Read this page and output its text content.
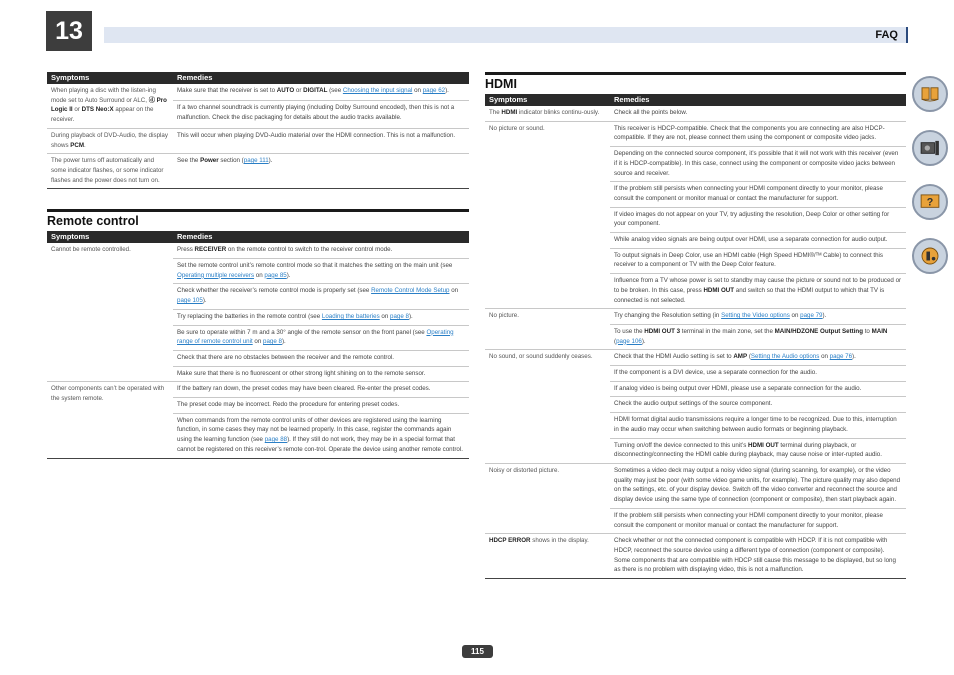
13	FAQ
Symptoms	Remedies
When playing a disc with the listen-ing mode set to Auto Surround or ALC, ⓓ Pro Logic II or DTS Neo:X appear on the receiver.	Make sure that the receiver is set to AUTO or DIGITAL (see Choosing the input signal on page 62).
	If a two channel soundtrack is currently playing (including Dolby Surround encoded), then this is not a malfunction. Check the disc packaging for details about the audio tracks available.
During playback of DVD-Audio, the display shows PCM.	This will occur when playing DVD-Audio material over the HDMI connection. This is not a malfunction.
The power turns off automatically and some indicator flashes, or some indicator flashes and the power does not turn on.	See the Power section (page 111).
Remote control
Symptoms	Remedies
Cannot be remote controlled.	Press RECEIVER on the remote control to switch to the receiver control mode.
	Set the remote control unit’s remote control mode so that it matches the setting on the main unit (see Operating multiple receivers on page 85).
	Check whether the receiver’s remote control mode is properly set (see Remote Control Mode Setup on page 105).
	Try replacing the batteries in the remote control (see Loading the batteries on page 8).
	Be sure to operate within 7 m and a 30° angle of the remote sensor on the front panel (see Operating range of remote control unit on page 8).
	Check that there are no obstacles between the receiver and the remote control.
	Make sure that there is no fluorescent or other strong light shining on to the remote sensor.
Other components can’t be operated with the system remote.	If the battery ran down, the preset codes may have been cleared. Re-enter the preset codes.
	The preset code may be incorrect. Redo the procedure for entering preset codes.
	When commands from the remote control units of other devices are registered using the learning function, in some cases they may not be learned properly. In this case, register the commands again using the learning function (see page 88). If they still do not work, they may be in a special format that cannot be registered on this receiver’s remote con-trol. Operate the device using another remote control.
HDMI
Symptoms	Remedies
The HDMI indicator blinks continu-ously.	Check all the points below.
No picture or sound.	This receiver is HDCP-compatible. Check that the components you are connecting are also HDCP-compatible. If they are not, please connect them using the component or composite video jacks.
	Depending on the connected source component, it’s possible that it will not work with this receiver (even if it is HDCP-compatible). In this case, connect using the component or composite video jacks between source and receiver.
	If the problem still persists when connecting your HDMI component directly to your monitor, please consult the component or monitor manual or contact the manufacturer for support.
	If video images do not appear on your TV, try adjusting the resolution, Deep Color or other setting for your component.
	While analog video signals are being output over HDMI, use a separate connection for audio output.
	To output signals in Deep Color, use an HDMI cable (High Speed HDMI®/ᵀᴹ Cable) to connect this receiver to a component or TV with the Deep Color feature.
	Influence from a TV whose power is set to standby may cause the picture or sound not to be produced or to be broken. In this case, press HDMI OUT and switch so that the HDMI output to which that TV is connected is not selected.
No picture.	Try changing the Resolution setting (in Setting the Video options on page 79).
	To use the HDMI OUT 3 terminal in the main zone, set the MAIN/HDZONE Output Setting to MAIN (page 106).
No sound, or sound suddenly ceases.	Check that the HDMI Audio setting is set to AMP (Setting the Audio options on page 76).
	If the component is a DVI device, use a separate connection for the audio.
	If analog video is being output over HDMI, please use a separate connection for the audio.
	Check the audio output settings of the source component.
	HDMI format digital audio transmissions require a longer time to be recognized. Due to this, interruption in the audio may occur when switching between audio formats or beginning playback.
	Turning on/off the device connected to this unit’s HDMI OUT terminal during playback, or disconnecting/connecting the HDMI cable during playback, may cause noise or inter-rupted audio.
Noisy or distorted picture.	Sometimes a video deck may output a noisy video signal (during scanning, for example), or the video quality may just be poor (with some video game units, for example). The picture quality may also depend on the settings, etc. of your display device. Switch off the video converter and reconnect the source and display device using the same type of connection (component or composite), then start playback again.
	If the problem still persists when connecting your HDMI component directly to your monitor, please consult the component or monitor manual or contact the manufacturer for support.
HDCP ERROR shows in the display.	Check whether or not the connected component is compatible with HDCP. If it is not compatible with HDCP, reconnect the source device using a different type of connection (component or composite). Some components that are compatible with HDCP still cause this message to be displayed, but so long as there is no problem with displaying video, this is not a malfunction.
115
?
